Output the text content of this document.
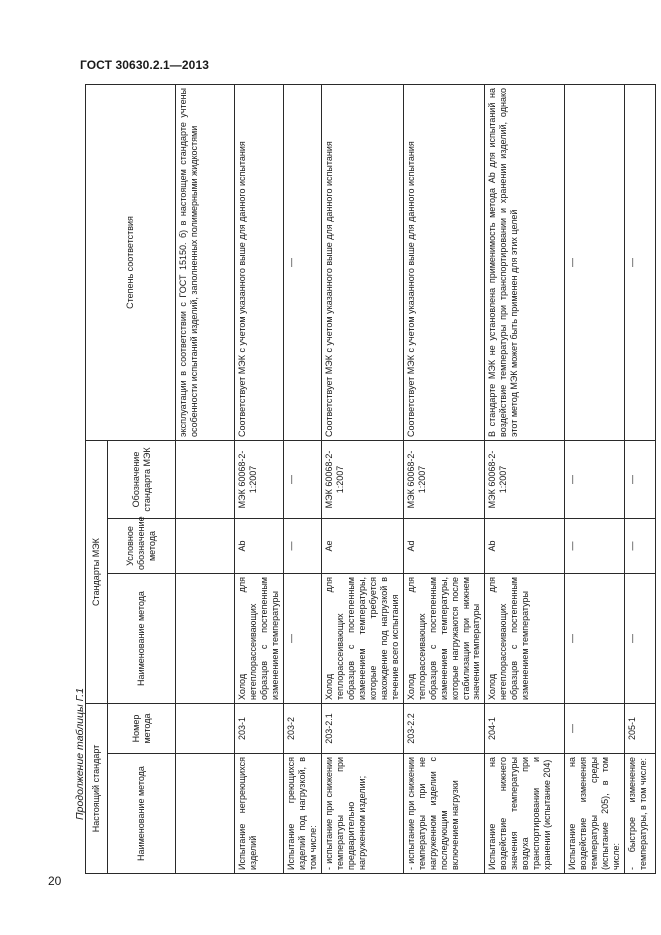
ГОСТ 30630.2.1—2013
20
Продолжение таблицы Г.1 Настоящий стандарт		Стандарты МЭК			Степень соответствия
Наименование метода	Номер метода	Наименование метода	Условное обозначение метода	Обозначение стандарта МЭК	
					эксплуатации в соответствии с ГОСТ 15150. б) в настоящем стандарте учтены особенности испытаний изделий, заполненных полимерными жидкостями
Испытание негреющихся изделий	203-1	Холод для нетеплорассеивающих образцов с постепенным изменением температуры	Ab	МЭК 60068-2-1:2007	Соответствует МЭК с учетом указанного выше для данного испытания
Испытание греющихся изделий под нагрузкой, в том числе:	203-2	—	—	—	—
- испытание при снижении температуры при предварительно нагруженном изделии;	203-2.1	Холод для теплорассеивающих образцов с постепенным изменением температуры, которые требуется нахождение под нагрузкой в течение всего испытания	Ae	МЭК 60068-2-1:2007	Соответствует МЭК с учетом указанного выше для данного испытания
- испытание при снижении температуры при не нагруженном изделии с последующим включением нагрузки	203-2.2	Холод для теплорассеивающих образцов с постепенным изменением температуры, которые нагружаются после стабилизации при нижнем значении температуры	Ad	МЭК 60068-2-1:2007	Соответствует МЭК с учетом указанного выше для данного испытания
Испытание на воздействие нижнего значения температуры воздуха при транспортировании и хранении (испытание 204)	204-1	Холод для нетеплорассеивающих образцов с постепенным изменением температуры	Ab	МЭК 60068-2-1:2007	В стандарте МЭК не установлена применимость метода Ab для испытаний на воздействие температуры при транспортировании и хранении изделий, однако этот метод МЭК может быть применен для этих целей
Испытание на воздействие изменения температуры среды (испытание 205), в том числе:	—	—	—	—	—
- быстрое изменение температуры, в том числе:	205-1	—	—	—	—
